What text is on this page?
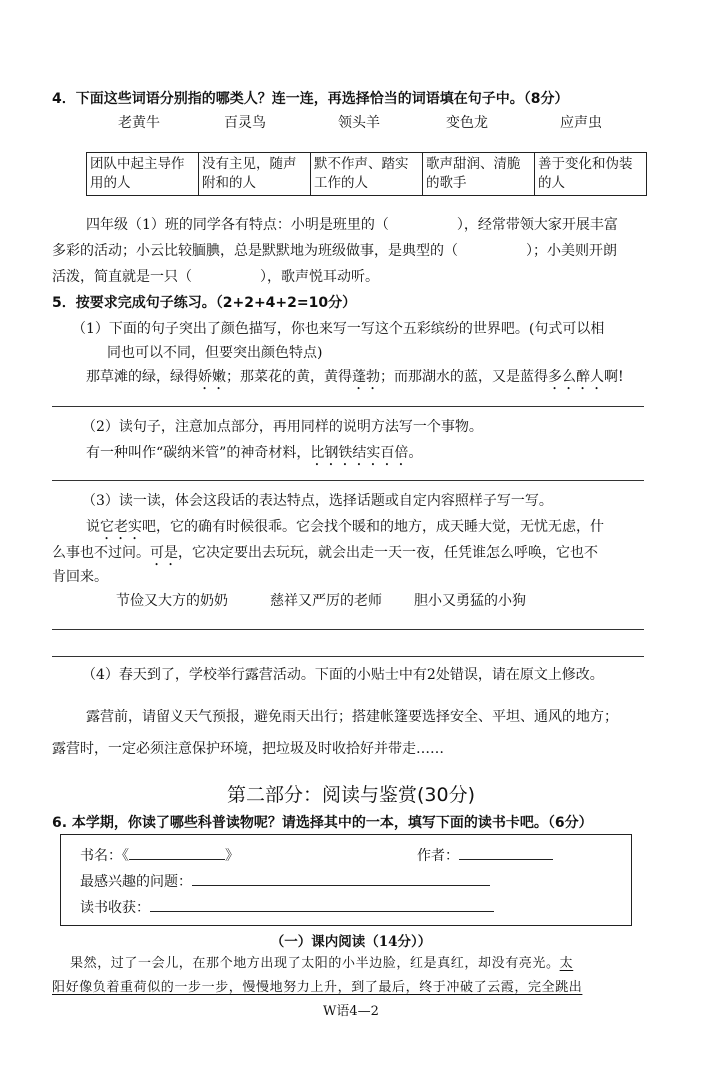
4．下面这些词语分别指的哪类人？连一连，再选择恰当的词语填在句子中。（8分）
老黄牛	百灵鸟	领头羊	变色龙	应声虫
团队中起主导作用的人	没有主见，随声附和的人	默不作声、踏实工作的人	歌声甜润、清脆的歌手	善于变化和伪装的人
四年级（1）班的同学各有特点：小明是班里的（	），经常带领大家开展丰富
多彩的活动；小云比较腼腆，总是默默地为班级做事，是典型的（	）；小美则开朗
活泼，简直就是一只（	），歌声悦耳动听。
5．按要求完成句子练习。（2+2+4+2=10分）
（1）下面的句子突出了颜色描写，你也来写一写这个五彩缤纷的世界吧。(句式可以相
同也可以不同，但要突出颜色特点)
那草滩的绿，绿得娇嫩；那菜花的黄，黄得蓬勃；而那湖水的蓝，又是蓝得多么醉人啊!
（2）读句子，注意加点部分，再用同样的说明方法写一个事物。
有一种叫作“碳纳米管”的神奇材料，比钢铁结实百倍。
（3）读一读，体会这段话的表达特点，选择话题或自定内容照样子写一写。
说它老实吧，它的确有时候很乖。它会找个暖和的地方，成天睡大觉，无忧无虑，什
么事也不过问。可是，它决定要出去玩玩，就会出走一天一夜，任凭谁怎么呼唤，它也不
肯回来。
节俭又大方的奶奶	慈祥又严厉的老师 胆小又勇猛的小狗
（4）春天到了，学校举行露营活动。下面的小贴士中有2处错误，请在原文上修改。
露营前，请留义天气预报，避免雨天出行；搭建帐篷要选择安全、平坦、通风的地方；
露营时，一定必须注意保护环境，把垃圾及时收拾好并带走……
第二部分：阅读与鉴赏(30分)
6. 本学期，你读了哪些科普读物呢？请选择其中的一本，填写下面的读书卡吧。（6分）
书名：《	》	作者：
最感兴趣的问题：
读书收获：
（一）课内阅读（14分））
果然，过了一会儿，在那个地方出现了太阳的小半边脸，红是真红，却没有亮光。太
阳好像负着重荷似的一步一步，慢慢地努力上升，到了最后，终于冲破了云霞，完全跳出
W语4—2
